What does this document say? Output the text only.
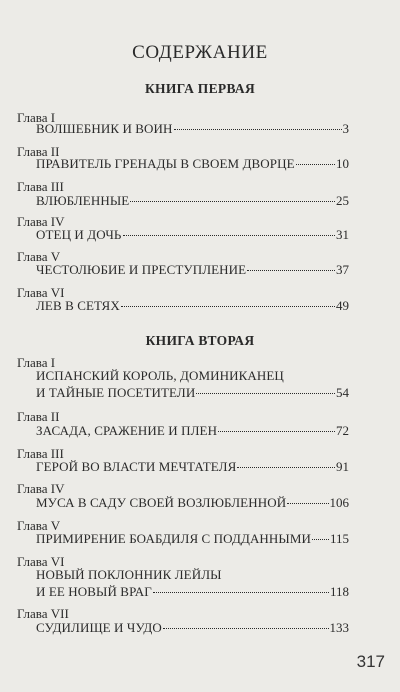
СОДЕРЖАНИЕ
КНИГА ПЕРВАЯ
Глава I
ВОЛШЕБНИК И ВОИН	3
Глава II
ПРАВИТЕЛЬ ГРЕНАДЫ В СВОЕМ ДВОРЦЕ	10
Глава III
ВЛЮБЛЕННЫЕ	25
Глава IV
ОТЕЦ И ДОЧЬ	31
Глава V
ЧЕСТОЛЮБИЕ И ПРЕСТУПЛЕНИЕ	37
Глава VI
ЛЕВ В СЕТЯХ	49
КНИГА ВТОРАЯ
Глава I
ИСПАНСКИЙ КОРОЛЬ, ДОМИНИКАНЕЦ
И ТАЙНЫЕ ПОСЕТИТЕЛИ	54
Глава II
ЗАСАДА, СРАЖЕНИЕ И ПЛЕН	72
Глава III
ГЕРОЙ ВО ВЛАСТИ МЕЧТАТЕЛЯ	91
Глава IV
МУСА В САДУ СВОЕЙ ВОЗЛЮБЛЕННОЙ	106
Глава V
ПРИМИРЕНИЕ БОАБДИЛЯ С ПОДДАННЫМИ 115
Глава VI
НОВЫЙ ПОКЛОННИК ЛЕЙЛЫ
И ЕЕ НОВЫЙ ВРАГ	118
Глава VII
СУДИЛИЩЕ И ЧУДО	133
317
